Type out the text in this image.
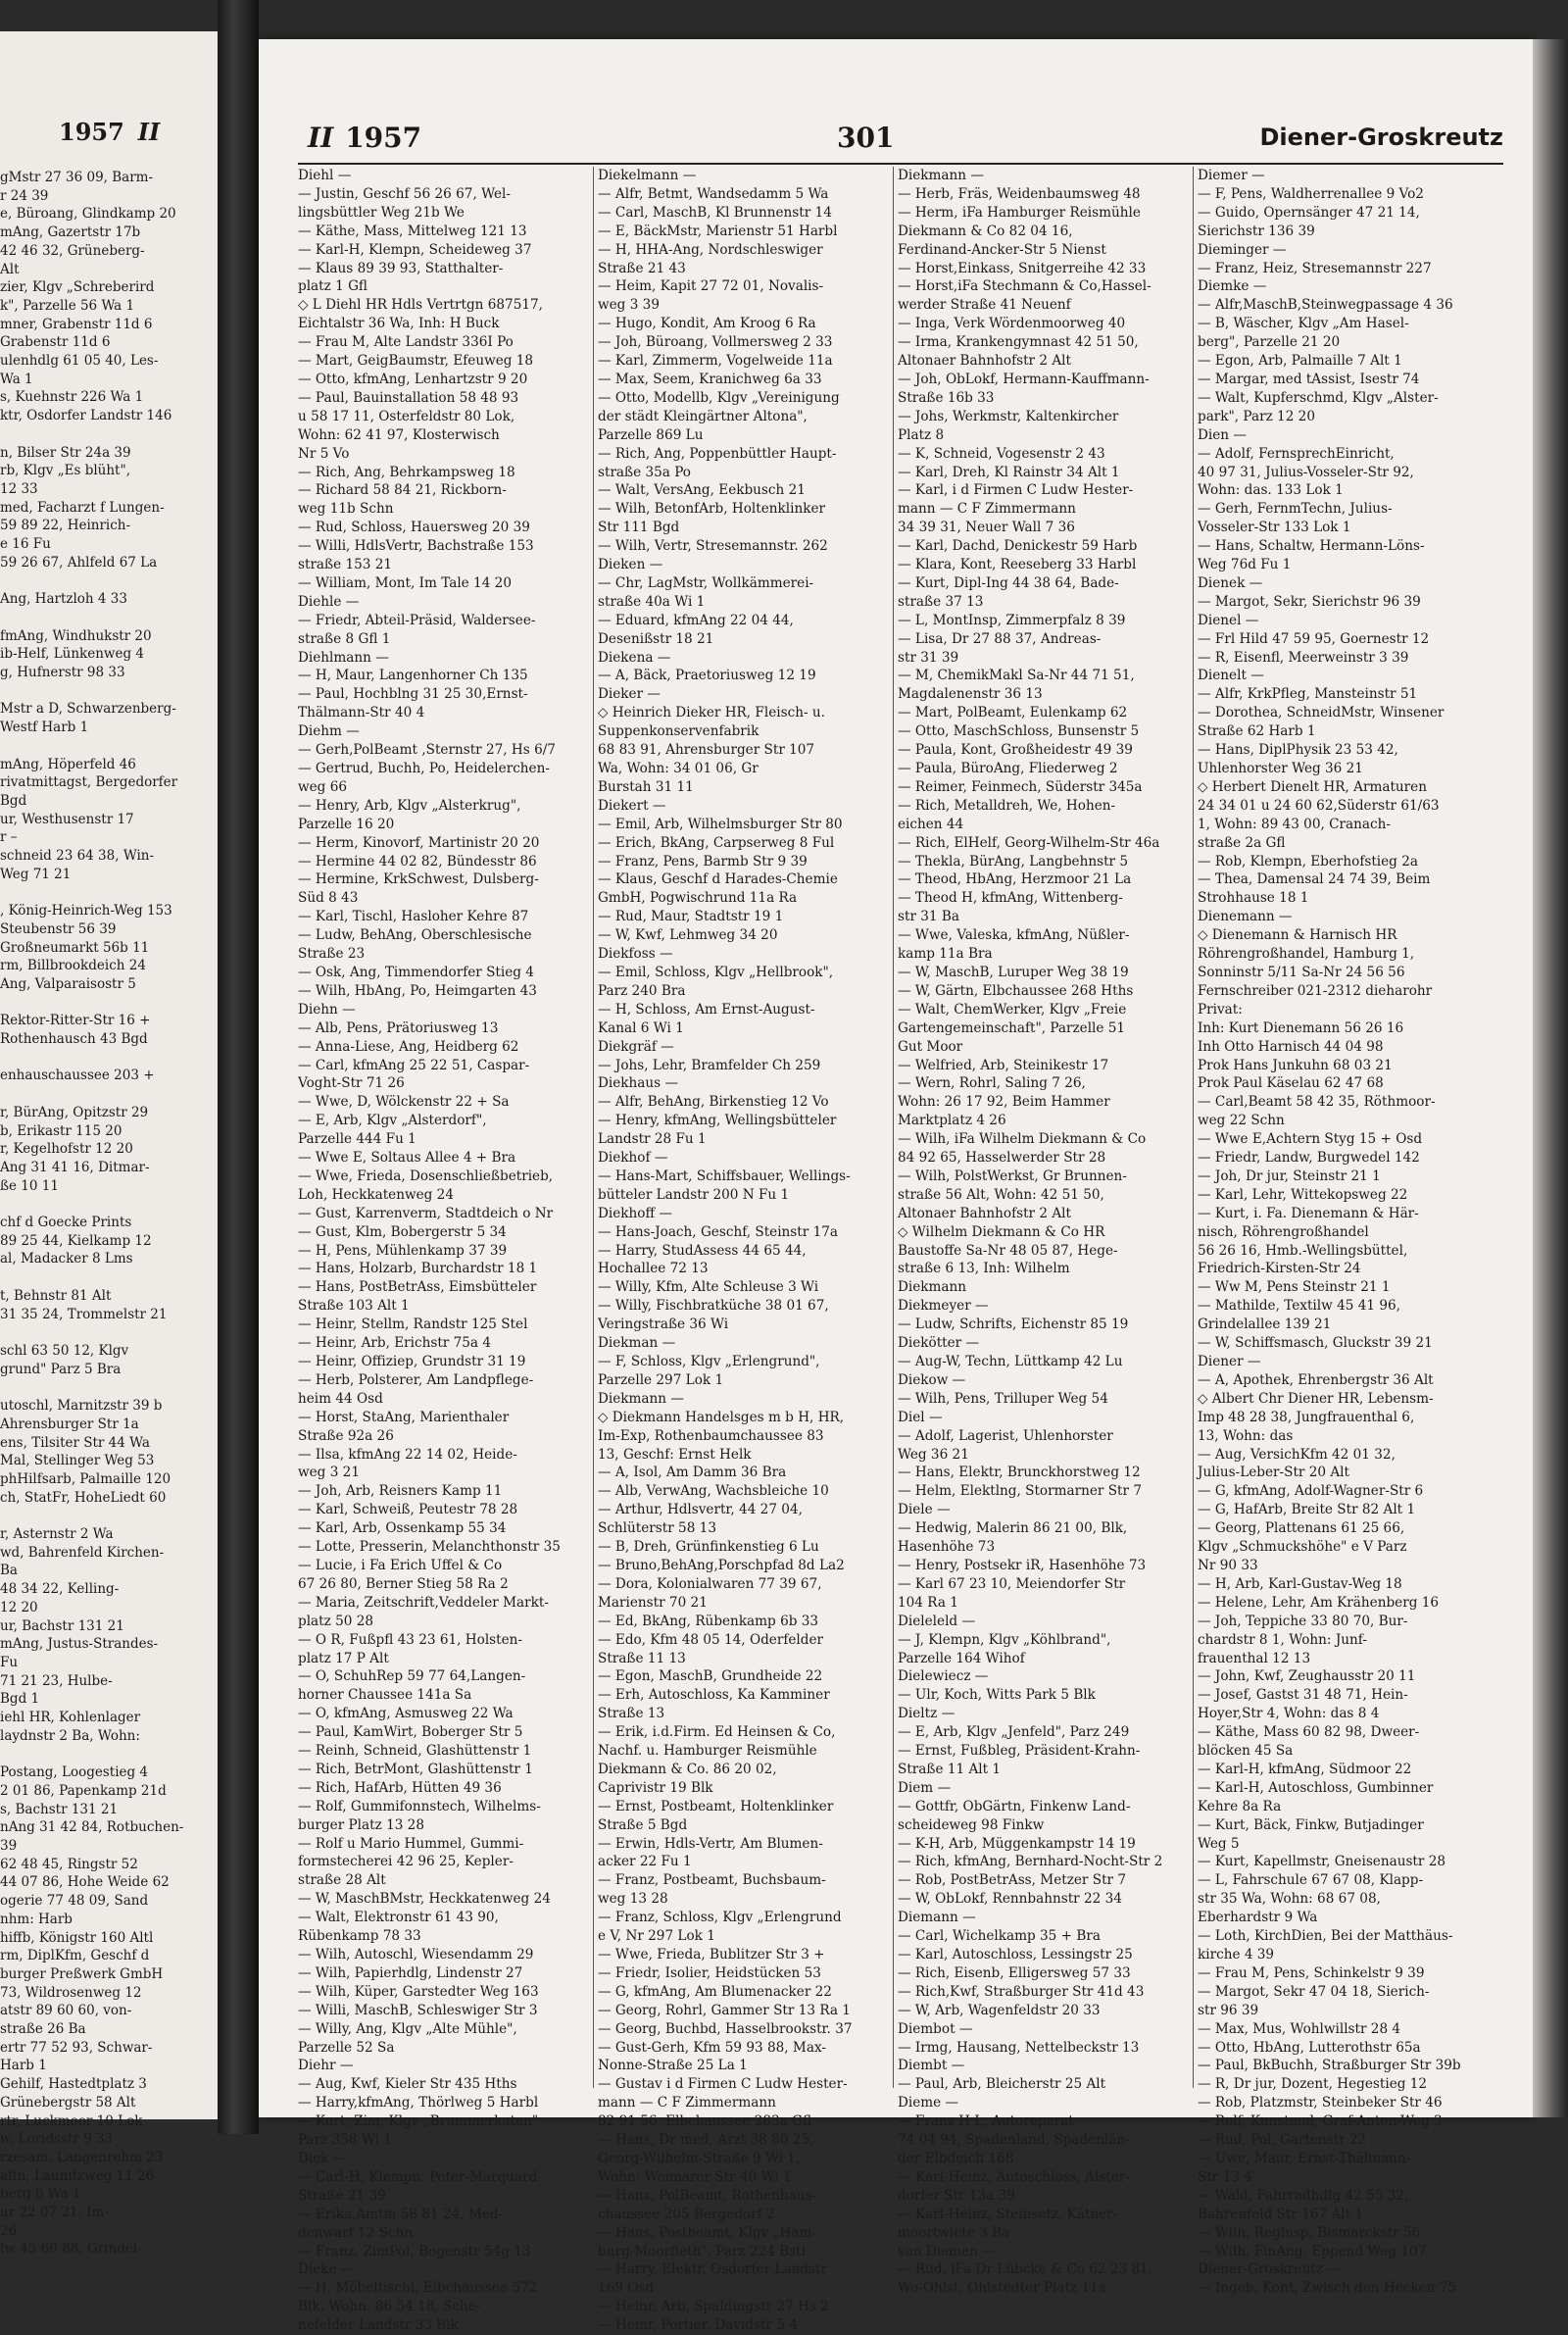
1957 II
gMstr 27 36 09, Barm-
r 24 39
e, Büroang, Glindkamp 20
mAng, Gazertstr 17b
42 46 32, Grüneberg-
Alt
zier, Klgv „Schreberird
k", Parzelle 56 Wa 1
mner, Grabenstr 11d 6
Grabenstr 11d 6
ulenhdlg 61 05 40, Les-
Wa 1
s, Kuehnstr 226 Wa 1
ktr, Osdorfer Landstr 146

n, Bilser Str 24a 39
rb, Klgv „Es blüht",
12 33
med, Facharzt f Lungen-
59 89 22, Heinrich-
e 16 Fu
59 26 67, Ahlfeld 67 La

Ang, Hartzloh 4 33

fmAng, Windhukstr 20
ib-Helf, Lünkenweg 4
g, Hufnerstr 98 33

Mstr a D, Schwarzenberg-
Westf Harb 1

mAng, Höperfeld 46
rivatmittagst, Bergedorfer
Bgd
ur, Westhusenstr 17
r –
schneid 23 64 38, Win-
Weg 71 21

, König-Heinrich-Weg 153
Steubenstr 56 39
Großneumarkt 56b 11
rm, Billbrookdeich 24
Ang, Valparaisostr 5

Rektor-Ritter-Str 16 +
Rothenhausch 43 Bgd

enhauschaussee 203 +

r, BürAng, Opitzstr 29
b, Erikastr 115 20
r, Kegelhofstr 12 20
Ang 31 41 16, Ditmar-
ße 10 11

chf d Goecke Prints
89 25 44, Kielkamp 12
al, Madacker 8 Lms

t, Behnstr 81 Alt
31 35 24, Trommelstr 21

schl 63 50 12, Klgv
grund" Parz 5 Bra

utoschl, Marnitzstr 39 b
Ahrensburger Str 1a
ens, Tilsiter Str 44 Wa
Mal, Stellinger Weg 53
phHilfsarb, Palmaille 120
ch, StatFr, HoheLiedt 60

r, Asternstr 2 Wa
wd, Bahrenfeld Kirchen-
Ba
48 34 22, Kelling-
12 20
ur, Bachstr 131 21
mAng, Justus-Strandes-
Fu
71 21 23, Hulbe-
Bgd 1
iehl HR, Kohlenlager
laydnstr 2 Ba, Wohn:

Postang, Loogestieg 4
2 01 86, Papenkamp 21d
s, Bachstr 131 21
nAng 31 42 84, Rotbuchen-
39
62 48 45, Ringstr 52
44 07 86, Hohe Weide 62
ogerie 77 48 09, Sand
nhm: Harb
hiffb, Königstr 160 Altl
rm, DiplKfm, Geschf d
burger Preßwerk GmbH
73, Wildrosenweg 12
atstr 89 60 60, von-
straße 26 Ba
ertr 77 52 93, Schwar-
Harb 1
Gehilf, Hastedtplatz 3
Grünebergstr 58 Alt
rtr, Luckmoor 10 Lok
w, Loridsstr 9 33
rzesam, Langenrehm 23
affn, Launitzweg 11 26
berg 6 Wa 1
ur 22 07 21, Im-
26
lw 45 60 88, Grindel-
II 1957	301	Diener-Groskreutz
Diehl —
— Justin, Geschf 56 26 67, Wel-
lingsbüttler Weg 21b We
— Käthe, Mass, Mittelweg 121 13
— Karl-H, Klempn, Scheideweg 37
— Klaus 89 39 93, Statthalter-
platz 1 Gfl
◇ L Diehl HR Hdls Vertrtgn 687517,
Eichtalstr 36 Wa, Inh: H Buck
— Frau M, Alte Landstr 336I Po
— Mart, GeigBaumstr, Efeuweg 18
— Otto, kfmAng, Lenhartzstr 9 20
— Paul, Bauinstallation 58 48 93
u 58 17 11, Osterfeldstr 80 Lok,
Wohn: 62 41 97, Klosterwisch
Nr 5 Vo
— Rich, Ang, Behrkampsweg 18
— Richard 58 84 21, Rickborn-
weg 11b Schn
— Rud, Schloss, Hauersweg 20 39
— Willi, HdlsVertr, Bachstraße 153
straße 153 21
— William, Mont, Im Tale 14 20
Diehle —
— Friedr, Abteil-Präsid, Walderseе-
straße 8 Gfl 1
Diehlmann —
— H, Maur, Langenhorner Ch 135
— Paul, Hochblng 31 25 30,Ernst-
Thälmann-Str 40 4
Diehm —
— Gerh,PolBeamt ,Sternstr 27, Hs 6/7
— Gertrud, Buchh, Po, Heidelerchen-
weg 66
— Henry, Arb, Klgv „Alsterkrug",
Parzelle 16 20
— Herm, Kinovorf, Martinistr 20 20
— Hermine 44 02 82, Bündesstr 86
— Hermine, KrkSchwest, Dulsberg-
Süd 8 43
— Karl, Tischl, Hasloher Kehre 87
— Ludw, BehAng, Oberschlesische
Straße 23
— Osk, Ang, Timmendorfer Stieg 4
— Wilh, HbAng, Po, Heimgarten 43
Diehn —
— Alb, Pens, Prätoriusweg 13
— Anna-Liese, Ang, Heidberg 62
— Carl, kfmAng 25 22 51, Caspar-
Voght-Str 71 26
— Wwe, D, Wölckenstr 22 + Sa
— E, Arb, Klgv „Alsterdorf",
Parzelle 444 Fu 1
— Wwe E, Soltaus Allee 4 + Bra
— Wwe, Frieda, Dosenschließbetrieb,
Loh, Heckkatenweg 24
— Gust, Karrenverm, Stadtdeich o Nr
— Gust, Klm, Bobergerstr 5 34
— H, Pens, Mühlenkamp 37 39
— Hans, Holzarb, Burchardstr 18 1
— Hans, PostBetrAss, Eimsbütteler
Straße 103 Alt 1
— Heinr, Stellm, Randstr 125 Stel
— Heinr, Arb, Erichstr 75a 4
— Heinr, Offiziер, Grundstr 31 19
— Herb, Polsterer, Am Landpflege-
heim 44 Osd
— Horst, StaAng, Marienthaler
Straße 92a 26
— Ilsa, kfmAng 22 14 02, Heide-
weg 3 21
— Joh, Arb, Reisners Kamp 11
— Karl, Schweiß, Peutestr 78 28
— Karl, Arb, Ossenkamp 55 34
— Lotte, Presserin, Melanchthonstr 35
— Lucie, i Fa Erich Uffel & Co
67 26 80, Berner Stieg 58 Ra 2
— Maria, Zeitschrift,Veddeler Markt-
platz 50 28
— O R, Fußpfl 43 23 61, Holsten-
platz 17 P Alt
— O, SchuhRep 59 77 64,Langen-
horner Chaussee 141a Sa
— O, kfmAng, Asmusweg 22 Wa
— Paul, KamWirt, Boberger Str 5
— Reinh, Schneid, Glashüttenstr 1
— Rich, BetrMont, Glashüttenstr 1
— Rich, HafArb, Hütten 49 36
— Rolf, Gummifonnstech, Wilhelms-
burger Platz 13 28
— Rolf u Mario Hummel, Gummi-
formstecherei 42 96 25, Kepler-
straße 28 Alt
— W, MaschBMstr, Heckkatenweg 24
— Walt, Elektronstr 61 43 90,
Rübenkamp 78 33
— Wilh, Autoschl, Wiesendamm 29
— Wilh, Papierhdlg, Lindenstr 27
— Wilh, Küper, Garstedter Weg 163
— Willi, MaschB, Schleswiger Str 3
— Willy, Ang, Klgv „Alte Mühle",
Parzelle 52 Sa
Diehr —
— Aug, Kwf, Kieler Str 435 Hths
— Harry,kfmAng, Thörlweg 5 Harbl
— Kurt, Zim, Klgv „Brummerkaten"
Parz 358 Wi 1
Diek —
— Carl-H, Klempn, Peter-Marquard-
Straße 21 39
— Erika,Amtm 58 81 24, Med-
denwarf 12 Schn
— Franz, ZimPol, Bogenstr 54g 13
Dieke —
— H, Möbeltischl, Elbchaussee 572
Blk, Wohn: 86 54 18, Sche-
nefelder Landstr 33 Blk
Diekelmann —
— Alfr, Betmt, Wandsedamm 5 Wa
— Carl, MaschB, Kl Brunnenstr 14
— E, BäckMstr, Marienstr 51 Harbl
— H, HHA-Ang, Nordschleswiger
Straße 21 43
— Heim, Kapit 27 72 01, Novalis-
weg 3 39
— Hugo, Kondit, Am Kroog 6 Ra
— Joh, Büroang, Vollmersweg 2 33
— Karl, Zimmerm, Vogelweide 11a
— Max, Seem, Kranichweg 6a 33
— Otto, Modellb, Klgv „Vereinigung
der städt Kleingärtner Altona",
Parzelle 869 Lu
— Rich, Ang, Poppenbüttler Haupt-
straße 35a Po
— Walt, VersAng, Eekbusch 21
— Wilh, BetonfArb, Holtenklinker
Str 111 Bgd
— Wilh, Vertr, Stresemannstr. 262
Dieken —
— Chr, LagMstr, Wollkämmerei-
straße 40a Wi 1
— Eduard, kfmAng 22 04 44,
Desenißstr 18 21
Diekena —
— A, Bäck, Praetoriusweg 12 19
Dieker —
◇ Heinrich Dieker HR, Fleisch- u.
Suppenkonservenfabrik
68 83 91, Ahrensburger Str 107
Wa, Wohn: 34 01 06, Gr
Burstah 31 11
Diekert —
— Emil, Arb, Wilhelmsburger Str 80
— Erich, BkAng, Carpserweg 8 Ful
— Franz, Pens, Barmb Str 9 39
— Klaus, Geschf d Harades-Chemie
GmbH, Pogwischrund 11a Ra
— Rud, Maur, Stadtstr 19 1
— W, Kwf, Lehmweg 34 20
Diekfoss —
— Emil, Schloss, Klgv „Hellbrook",
Parz 240 Bra
— H, Schloss, Am Ernst-August-
Kanal 6 Wi 1
Diekgräf —
— Johs, Lehr, Bramfelder Ch 259
Diekhaus —
— Alfr, BehAng, Birkenstieg 12 Vo
— Henry, kfmAng, Wellingsbütteler
Landstr 28 Fu 1
Diekhof —
— Hans-Mart, Schiffsbauer, Wellings-
bütteler Landstr 200 N Fu 1
Diekhoff —
— Hans-Joach, Geschf, Steinstr 17a
— Harry, StudAssess 44 65 44,
Hochallee 72 13
— Willy, Kfm, Alte Schleuse 3 Wi
— Willy, Fischbratküche 38 01 67,
Veringstraße 36 Wi
Diekman —
— F, Schloss, Klgv „Erlengrund",
Parzelle 297 Lok 1
Diekmann —
◇ Diekmann Handelsges m b H, HR,
Im-Exp, Rothenbaumchaussee 83
13, Geschf: Ernst Helk
— A, Isol, Am Damm 36 Bra
— Alb, VerwAng, Wachsbleiche 10
— Arthur, Hdlsvertr, 44 27 04,
Schlüterstr 58 13
— B, Dreh, Grünfinkenstieg 6 Lu
— Bruno,BehAng,Porschpfad 8d La2
— Dora, Kolonialwaren 77 39 67,
Marienstr 70 21
— Ed, BkAng, Rübenkamp 6b 33
— Edo, Kfm 48 05 14, Oderfelder
Straße 11 13
— Egon, MaschB, Grundheide 22
— Erh, Autoschloss, Ka Kamminer
Straße 13
— Erik, i.d.Firm. Ed Heinsen & Co,
Nachf. u. Hamburger Reismühle
Diekmann & Co. 86 20 02,
Caprivistr 19 Blk
— Ernst, Postbeamt, Holtenklinker
Straße 5 Bgd
— Erwin, Hdls-Vertr, Am Blumen-
acker 22 Fu 1
— Franz, Postbeamt, Buchsbaum-
weg 13 28
— Franz, Schloss, Klgv „Erlengrund
e V, Nr 297 Lok 1
— Wwe, Frieda, Bublitzer Str 3 +
— Friedr, Isolier, Heidstücken 53
— G, kfmAng, Am Blumenacker 22
— Georg, Rohrl, Gammer Str 13 Ra 1
— Georg, Buchbd, Hasselbrookstr. 37
— Gust-Gerh, Kfm 59 93 88, Max-
Nonne-Straße 25 La 1
— Gustav i d Firmen C Ludw Hester-
mann — C F Zimmermann
82 91 56, Elbchaussee 283a Gfl
— Hans, Dr med, Arzt 38 80 25,
Georg-Wilhelm-Straße 9 Wi 1,
Wohn: Weimarer Str 40 Wi 1
— Hans, PolBeamt, Rothenhaus-
chaussee 205 Bergedorf 2
— Hans, Postbeamt, Klgv „Ham-
burg-Moorfleth", Parz 224 Bstl
— Harry, Elektr, Osdorfer Landstr
169 Osd
— Heinr, Arb, Spaldingstr 27 Hs 2
— Heinr, Portier, Davidstr 5 4
Diekmann —
— Herb, Fräs, Weidenbaumsweg 48
— Herm, iFa Hamburger Reismühle
Diekmann & Co 82 04 16,
Ferdinand-Ancker-Str 5 Nienst
— Horst,Einkass, Snitgerreihe 42 33
— Horst,iFa Stechmann & Co,Hassel-
werder Straße 41 Neuenf
— Inga, Verk Wördenmoorweg 40
— Irma, Krankengymnast 42 51 50,
Altonaer Bahnhofstr 2 Alt
— Joh, ObLokf, Hermann-Kauffmann-
Straße 16b 33
— Johs, Werkmstr, Kaltenkircher
Platz 8
— K, Schneid, Vogesenstr 2 43
— Karl, Dreh, Kl Rainstr 34 Alt 1
— Karl, i d Firmen C Ludw Hester-
mann — C F Zimmermann
34 39 31, Neuer Wall 7 36
— Karl, Dachd, Denickestr 59 Harb
— Klara, Kont, Reeseberg 33 Harbl
— Kurt, Dipl-Ing 44 38 64, Bade-
straße 37 13
— L, MontInsp, Zimmerpfalz 8 39
— Lisa, Dr 27 88 37, Andreas-
str 31 39
— M, ChemikMakl Sa-Nr 44 71 51,
Magdalenenstr 36 13
— Mart, PolBeamt, Eulenkamp 62
— Otto, MaschSchloss, Bunsenstr 5
— Paula, Kont, Großheidestr 49 39
— Paula, BüroAng, Fliederweg 2
— Reimer, Feinmech, Süderstr 345a
— Rich, Metalldreh, We, Hohen-
eichen 44
— Rich, ElHelf, Georg-Wilhelm-Str 46a
— Thekla, BürAng, Langbehnstr 5
— Theod, HbAng, Herzmoor 21 La
— Theod H, kfmAng, Wittenberg-
str 31 Ba
— Wwe, Valeska, kfmAng, Nüßler-
kamp 11a Bra
— W, MaschB, Luruper Weg 38 19
— W, Gärtn, Elbchaussee 268 Hths
— Walt, ChemWerker, Klgv „Freie
Gartengemeinschaft", Parzelle 51
Gut Moor
— Welfried, Arb, Steinikestr 17
— Wern, Rohrl, Saling 7 26,
Wohn: 26 17 92, Beim Hammer
Marktplatz 4 26
— Wilh, iFa Wilhelm Diekmann & Co
84 92 65, Hasselwerder Str 28
— Wilh, PolstWerkst, Gr Brunnen-
straße 56 Alt, Wohn: 42 51 50,
Altonaer Bahnhofstr 2 Alt
◇ Wilhelm Diekmann & Co HR
Baustoffe Sa-Nr 48 05 87, Hege-
straße 6 13, Inh: Wilhelm
Diekmann
Diekmeyer —
— Ludw, Schrifts, Eichenstr 85 19
Diekötter —
— Aug-W, Techn, Lüttkamp 42 Lu
Diekow —
— Wilh, Pens, Trilluper Weg 54
Diel —
— Adolf, Lagerist, Uhlenhorster
Weg 36 21
— Hans, Elektr, Brunckhorstweg 12
— Helm, Elektlng, Stormarner Str 7
Diele —
— Hedwig, Malerin 86 21 00, Blk,
Hasenhöhe 73
— Henry, Postsekr iR, Hasenhöhe 73
— Karl 67 23 10, Meiendorfer Str
104 Ra 1
Dieleleld —
— J, Klempn, Klgv „Köhlbrand",
Parzelle 164 Wihof
Dielewiecz —
— Ulr, Koch, Witts Park 5 Blk
Dieltz —
— E, Arb, Klgv „Jenfeld", Parz 249
— Ernst, Fußbleg, Präsident-Krahn-
Straße 11 Alt 1
Diem —
— Gottfr, ObGärtn, Finkenw Land-
scheideweg 98 Finkw
— K-H, Arb, Müggenkampstr 14 19
— Rich, kfmAng, Bernhard-Nocht-Str 2
— Rob, PostBetrAss, Metzer Str 7
— W, ObLokf, Rennbahnstr 22 34
Diemann —
— Carl, Wichelkamp 35 + Bra
— Karl, Autoschloss, Lessingstr 25
— Rich, Eisenb, Elligersweg 57 33
— Rich,Kwf, Straßburger Str 41d 43
— W, Arb, Wagenfeldstr 20 33
Diembot —
— Irmg, Hausang, Nettelbeckstr 13
Diembt —
— Paul, Arb, Bleicherstr 25 Alt
Dieme —
— Franz H L, Autoreparat
74 04 94, Spadenland, Spadenlän-
der Elbdeich 168
— Karl-Heinz, Autoschloss, Alster-
dorfer Str 13a 39
— Karl-Heinz, Steinsetz, Kätner-
moortwiete 3 Ba
van Diemen —
— Rud, iFa Dr Lübcke & Co 62 23 81,
Wo-Ohlst, Ohlstedter Platz 11a
Diemer —
— F, Pens, Waldherrenallee 9 Vo2
— Guido, Opernsänger 47 21 14,
Sierichstr 136 39
Dieminger —
— Franz, Heiz, Stresemannstr 227
Diemke —
— Alfr,MaschB,Steinwegpassage 4 36
— B, Wäscher, Klgv „Am Hasel-
berg", Parzelle 21 20
— Egon, Arb, Palmaille 7 Alt 1
— Margar, med tAssist, Isestr 74
— Walt, Kupferschmd, Klgv „Alster-
park", Parz 12 20
Dien —
— Adolf, FernsprechEinricht,
40 97 31, Julius-Vosseler-Str 92,
Wohn: das. 133 Lok 1
— Gerh, FernmTechn, Julius-
Vosseler-Str 133 Lok 1
— Hans, Schaltw, Hermann-Löns-
Weg 76d Fu 1
Dienek —
— Margot, Sekr, Sierichstr 96 39
Dienel —
— Frl Hild 47 59 95, Goernestr 12
— R, Eisenfl, Meerweinstr 3 39
Dienelt —
— Alfr, KrkPfleg, Mansteinstr 51
— Dorothea, SchneidMstr, Winsener
Straße 62 Harb 1
— Hans, DiplPhysik 23 53 42,
Uhlenhorster Weg 36 21
◇ Herbert Dienelt HR, Armaturen
24 34 01 u 24 60 62,Süderstr 61/63
1, Wohn: 89 43 00, Cranach-
straße 2a Gfl
— Rob, Klempn, Eberhofstieg 2a
— Thea, Damensal 24 74 39, Beim
Strohhause 18 1
Dienemann —
◇ Dienemann & Harnisch HR
Röhrengroßhandel, Hamburg 1,
Sonninstr 5/11 Sa-Nr 24 56 56
Fernschreiber 021-2312 dieharohr
Privat:
Inh: Kurt Dienemann 56 26 16
Inh Otto Harnisch 44 04 98
Prok Hans Junkuhn 68 03 21
Prok Paul Käselau 62 47 68
— Carl,Beamt 58 42 35, Röthmoor-
weg 22 Schn
— Wwe E,Achtern Styg 15 + Osd
— Friedr, Landw, Burgwedel 142
— Joh, Dr jur, Steinstr 21 1
— Karl, Lehr, Wittekopsweg 22
— Kurt, i. Fa. Dienemann & Här-
nisch, Röhrengroßhandel
56 26 16, Hmb.-Wellingsbüttel,
Friedrich-Kirsten-Str 24
— Ww M, Pens Steinstr 21 1
— Mathilde, Textilw 45 41 96,
Grindelallee 139 21
— W, Schiffsmasch, Gluckstr 39 21
Diener —
— A, Apothek, Ehrenbergstr 36 Alt
◇ Albert Chr Diener HR, Lebensm-
Imp 48 28 38, Jungfrauenthal 6,
13, Wohn: das
— Aug, VersichKfm 42 01 32,
Julius-Leber-Str 20 Alt
— G, kfmAng, Adolf-Wagner-Str 6
— G, HafArb, Breite Str 82 Alt 1
— Georg, Plattenans 61 25 66,
Klgv „Schmuckshöhe" e V Parz
Nr 90 33
— H, Arb, Karl-Gustav-Weg 18
— Helene, Lehr, Am Krähenberg 16
— Joh, Teppiche 33 80 70, Bur-
chardstr 8 1, Wohn: Junf-
frauenthal 12 13
— John, Kwf, Zeughausstr 20 11
— Josef, Gastst 31 48 71, Hein-
Hoyer,Str 4, Wohn: das 8 4
— Käthe, Mass 60 82 98, Dweer-
blöcken 45 Sa
— Karl-H, kfmAng, Südmoor 22
— Karl-H, Autoschloss, Gumbinner
Kehre 8a Ra
— Kurt, Bäck, Finkw, Butjadinger
Weg 5
— Kurt, Kapellmstr, Gneisenaustr 28
— L, Fahrschule 67 67 08, Klapp-
str 35 Wa, Wohn: 68 67 08,
Eberhardstr 9 Wa
— Loth, KirchDien, Bei der Matthäus-
kirche 4 39
— Frau M, Pens, Schinkelstr 9 39
— Margot, Sekr 47 04 18, Sierich-
str 96 39
— Max, Mus, Wohlwillstr 28 4
— Otto, HbAng, Lutterothstr 65a
— Paul, BkBuchh, Straßburger Str 39b
— R, Dr jur, Dozent, Hegestieg 12
— Rob, Platzmstr, Steinbeker Str 46
— Rolf, Kunstmal, Graf-Anton-Weg 3
— Rud, Pol, Gartenstr 22
— Uwe, Maur, Ernst-Thälmann-
Str 13 4
— Wald, Fahrradhdlg 42 55 32,
Bahrenfeld Str 167 Alt 1
— Wilh, Reglnsp, Bismarckstr 56
— Wilh, FinAng, Eppend Weg 107
Diener-Groskreutz —
— Ingeb, Kont, Zwisch den Hecken 75
